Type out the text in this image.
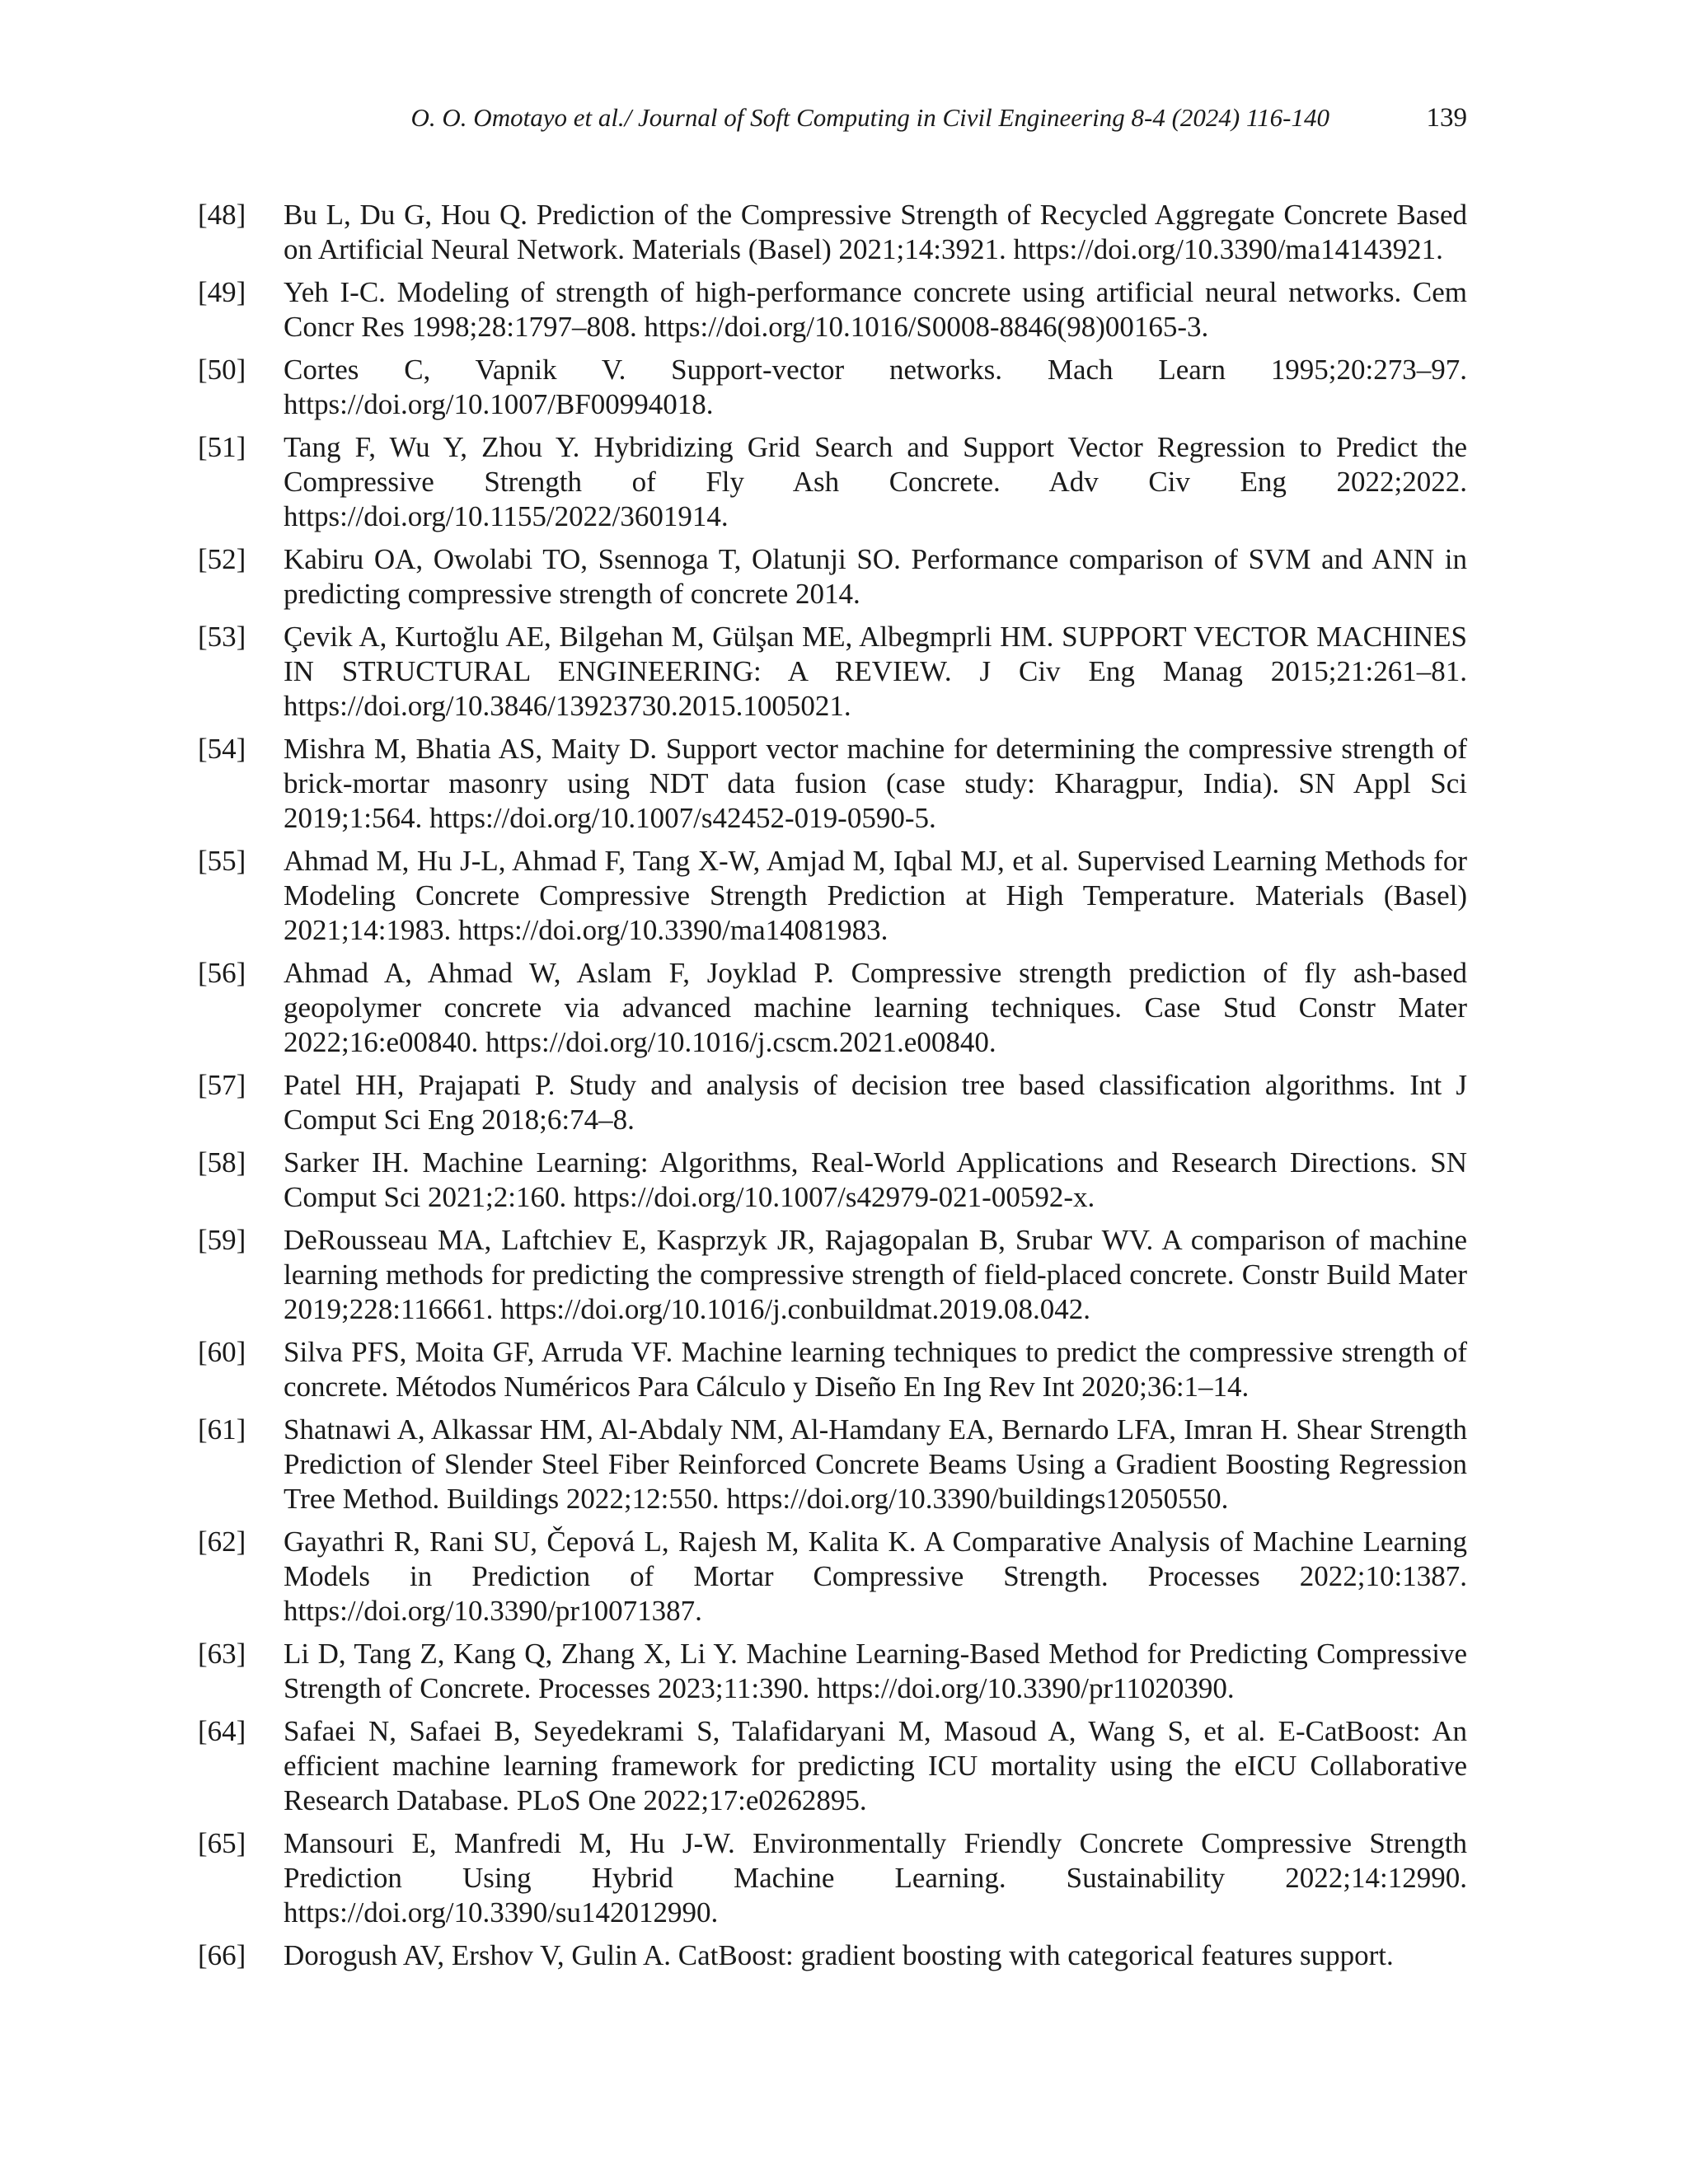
O. O. Omotayo et al./ Journal of Soft Computing in Civil Engineering 8-4 (2024) 116-140	139
[48]	Bu L, Du G, Hou Q. Prediction of the Compressive Strength of Recycled Aggregate Concrete Based on Artificial Neural Network. Materials (Basel) 2021;14:3921. https://doi.org/10.3390/ma14143921.
[49]	Yeh I-C. Modeling of strength of high-performance concrete using artificial neural networks. Cem Concr Res 1998;28:1797–808. https://doi.org/10.1016/S0008-8846(98)00165-3.
[50]	Cortes C, Vapnik V. Support-vector networks. Mach Learn 1995;20:273–97. https://doi.org/10.1007/BF00994018.
[51]	Tang F, Wu Y, Zhou Y. Hybridizing Grid Search and Support Vector Regression to Predict the Compressive Strength of Fly Ash Concrete. Adv Civ Eng 2022;2022. https://doi.org/10.1155/2022/3601914.
[52]	Kabiru OA, Owolabi TO, Ssennoga T, Olatunji SO. Performance comparison of SVM and ANN in predicting compressive strength of concrete 2014.
[53]	Çevik A, Kurtoğlu AE, Bilgehan M, Gülşan ME, Albegmprli HM. SUPPORT VECTOR MACHINES IN STRUCTURAL ENGINEERING: A REVIEW. J Civ Eng Manag 2015;21:261–81. https://doi.org/10.3846/13923730.2015.1005021.
[54]	Mishra M, Bhatia AS, Maity D. Support vector machine for determining the compressive strength of brick-mortar masonry using NDT data fusion (case study: Kharagpur, India). SN Appl Sci 2019;1:564. https://doi.org/10.1007/s42452-019-0590-5.
[55]	Ahmad M, Hu J-L, Ahmad F, Tang X-W, Amjad M, Iqbal MJ, et al. Supervised Learning Methods for Modeling Concrete Compressive Strength Prediction at High Temperature. Materials (Basel) 2021;14:1983. https://doi.org/10.3390/ma14081983.
[56]	Ahmad A, Ahmad W, Aslam F, Joyklad P. Compressive strength prediction of fly ash-based geopolymer concrete via advanced machine learning techniques. Case Stud Constr Mater 2022;16:e00840. https://doi.org/10.1016/j.cscm.2021.e00840.
[57]	Patel HH, Prajapati P. Study and analysis of decision tree based classification algorithms. Int J Comput Sci Eng 2018;6:74–8.
[58]	Sarker IH. Machine Learning: Algorithms, Real-World Applications and Research Directions. SN Comput Sci 2021;2:160. https://doi.org/10.1007/s42979-021-00592-x.
[59]	DeRousseau MA, Laftchiev E, Kasprzyk JR, Rajagopalan B, Srubar WV. A comparison of machine learning methods for predicting the compressive strength of field-placed concrete. Constr Build Mater 2019;228:116661. https://doi.org/10.1016/j.conbuildmat.2019.08.042.
[60]	Silva PFS, Moita GF, Arruda VF. Machine learning techniques to predict the compressive strength of concrete. Métodos Numéricos Para Cálculo y Diseño En Ing Rev Int 2020;36:1–14.
[61]	Shatnawi A, Alkassar HM, Al-Abdaly NM, Al-Hamdany EA, Bernardo LFA, Imran H. Shear Strength Prediction of Slender Steel Fiber Reinforced Concrete Beams Using a Gradient Boosting Regression Tree Method. Buildings 2022;12:550. https://doi.org/10.3390/buildings12050550.
[62]	Gayathri R, Rani SU, Čepová L, Rajesh M, Kalita K. A Comparative Analysis of Machine Learning Models in Prediction of Mortar Compressive Strength. Processes 2022;10:1387. https://doi.org/10.3390/pr10071387.
[63]	Li D, Tang Z, Kang Q, Zhang X, Li Y. Machine Learning-Based Method for Predicting Compressive Strength of Concrete. Processes 2023;11:390. https://doi.org/10.3390/pr11020390.
[64]	Safaei N, Safaei B, Seyedekrami S, Talafidaryani M, Masoud A, Wang S, et al. E-CatBoost: An efficient machine learning framework for predicting ICU mortality using the eICU Collaborative Research Database. PLoS One 2022;17:e0262895.
[65]	Mansouri E, Manfredi M, Hu J-W. Environmentally Friendly Concrete Compressive Strength Prediction Using Hybrid Machine Learning. Sustainability 2022;14:12990. https://doi.org/10.3390/su142012990.
[66]	Dorogush AV, Ershov V, Gulin A. CatBoost: gradient boosting with categorical features support.
